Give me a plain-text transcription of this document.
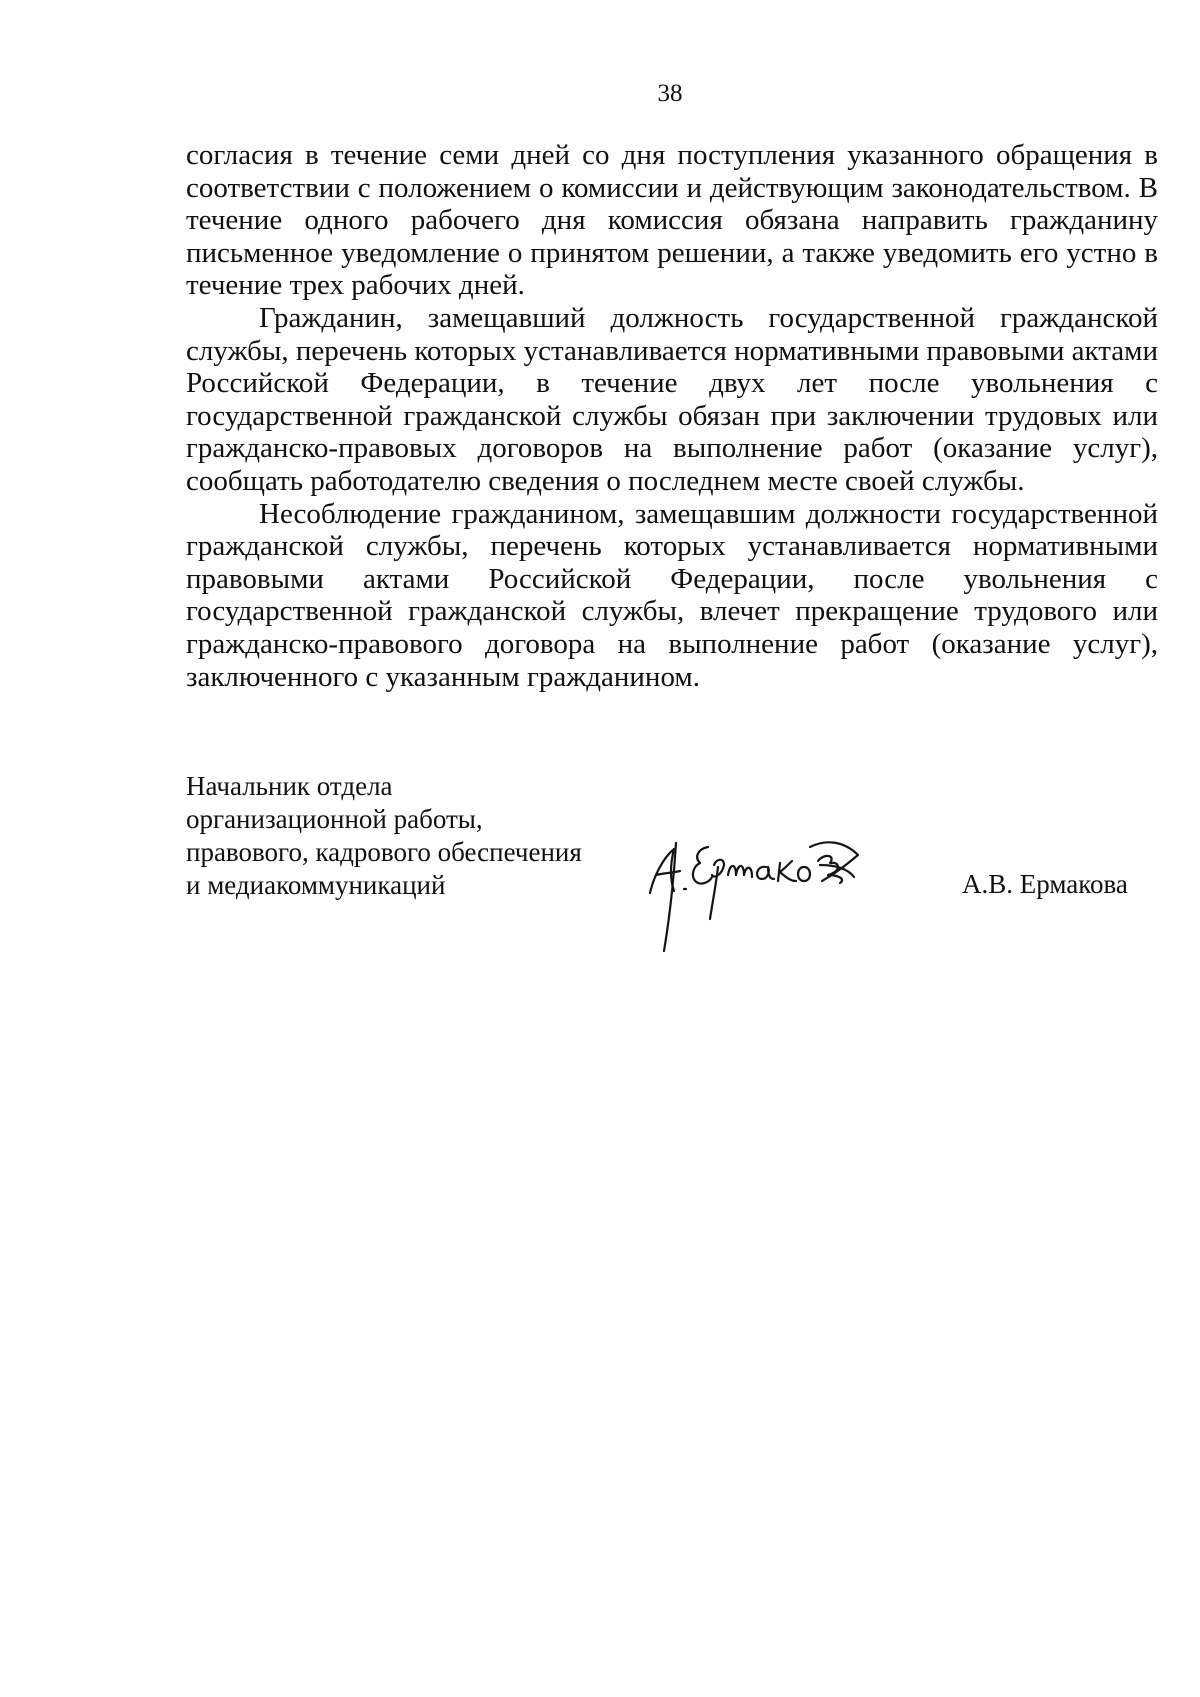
38

согласия в течение семи дней со дня поступления указанного обращения в соответствии с положением о комиссии и действующим законодательством. В течение одного рабочего дня комиссия обязана направить гражданину письменное уведомление о принятом решении, а также уведомить его устно в течение трех рабочих дней.

Гражданин, замещавший должность государственной гражданской службы, перечень которых устанавливается нормативными правовыми актами Российской Федерации, в течение двух лет после увольнения с государственной гражданской службы обязан при заключении трудовых или гражданско-правовых договоров на выполнение работ (оказание услуг), сообщать работодателю сведения о последнем месте своей службы.

Несоблюдение гражданином, замещавшим должности государственной гражданской службы, перечень которых устанавливается нормативными правовыми актами Российской Федерации, после увольнения с государственной гражданской службы, влечет прекращение трудового или гражданско-правового договора на выполнение работ (оказание услуг), заключенного с указанным гражданином.

Начальник отдела
организационной работы,
правового, кадрового обеспечения
и медиакоммуникаций	А.В. Ермакова
